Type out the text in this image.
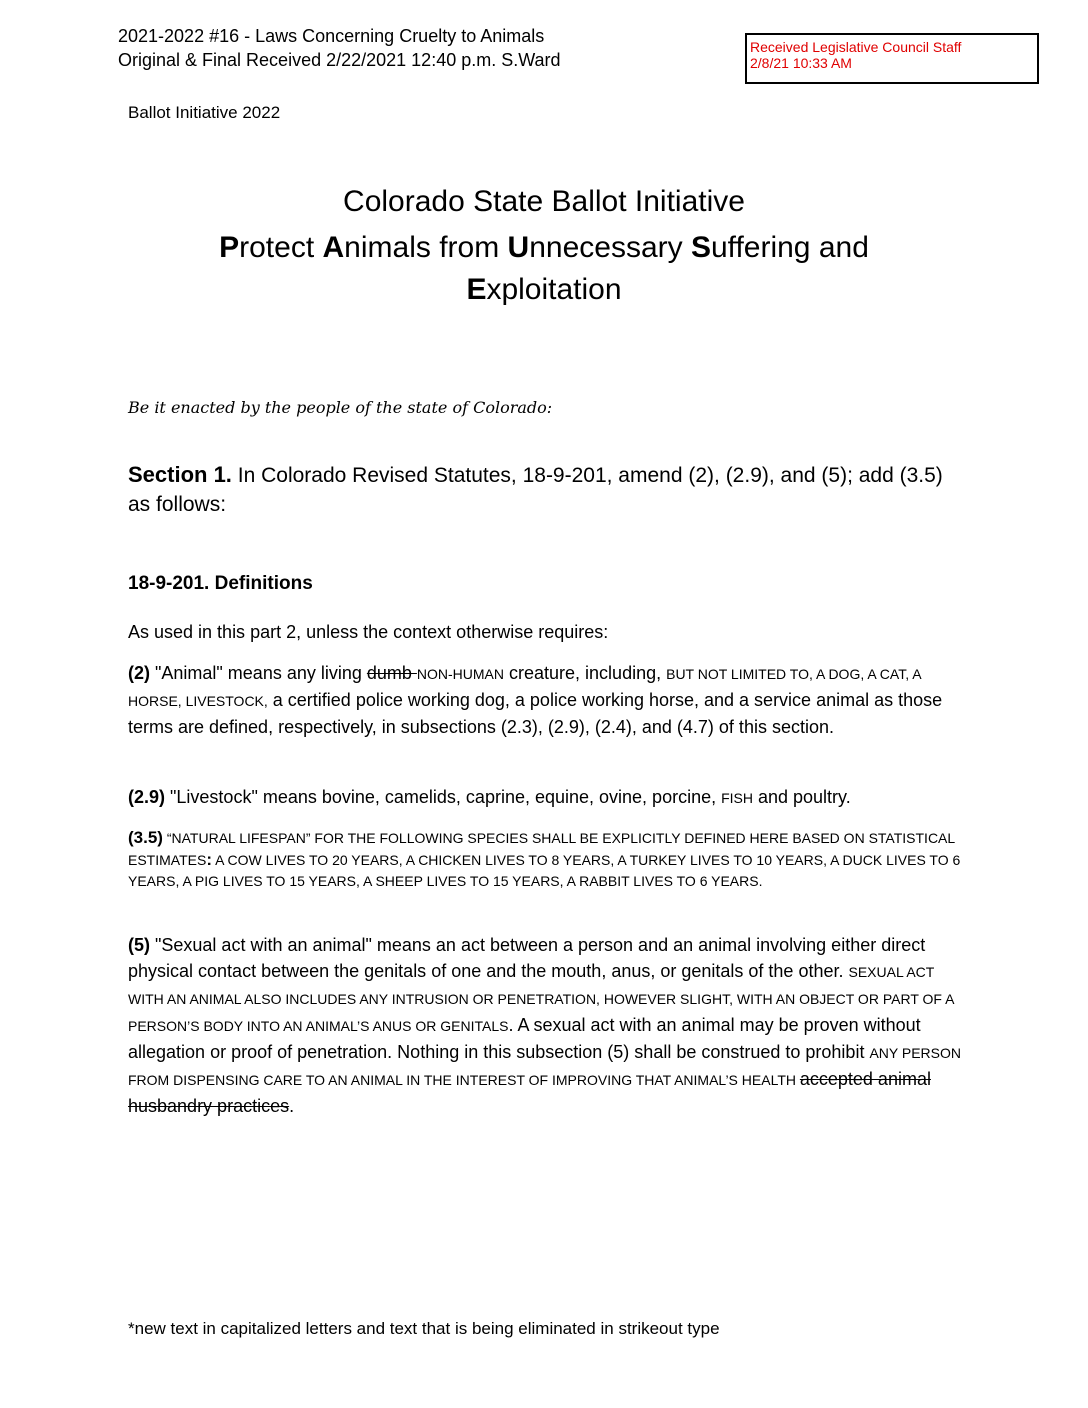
2021-2022 #16 - Laws Concerning Cruelty to Animals
Original & Final Received 2/22/2021 12:40 p.m. S.Ward
Received Legislative Council Staff
2/8/21 10:33 AM
Ballot Initiative 2022
Colorado State Ballot Initiative
Protect Animals from Unnecessary Suffering and
Exploitation
Be it enacted by the people of the state of Colorado:
Section 1. In Colorado Revised Statutes, 18-9-201, amend (2), (2.9), and (5); add (3.5) as follows:
18-9-201. Definitions
As used in this part 2, unless the context otherwise requires:
(2) "Animal" means any living dumb NON-HUMAN creature, including, BUT NOT LIMITED TO, A DOG, A CAT, A HORSE, LIVESTOCK, a certified police working dog, a police working horse, and a service animal as those terms are defined, respectively, in subsections (2.3), (2.9), (2.4), and (4.7) of this section.
(2.9) "Livestock" means bovine, camelids, caprine, equine, ovine, porcine, FISH and poultry.
(3.5) “NATURAL LIFESPAN” FOR THE FOLLOWING SPECIES SHALL BE EXPLICITLY DEFINED HERE BASED ON STATISTICAL ESTIMATES: A COW LIVES TO 20 YEARS, A CHICKEN LIVES TO 8 YEARS, A TURKEY LIVES TO 10 YEARS, A DUCK LIVES TO 6 YEARS, A PIG LIVES TO 15 YEARS, A SHEEP LIVES TO 15 YEARS, A RABBIT LIVES TO 6 YEARS.
(5) "Sexual act with an animal" means an act between a person and an animal involving either direct physical contact between the genitals of one and the mouth, anus, or genitals of the other. SEXUAL ACT WITH AN ANIMAL ALSO INCLUDES ANY INTRUSION OR PENETRATION, HOWEVER SLIGHT, WITH AN OBJECT OR PART OF A PERSON’S BODY INTO AN ANIMAL’S ANUS OR GENITALS. A sexual act with an animal may be proven without allegation or proof of penetration. Nothing in this subsection (5) shall be construed to prohibit ANY PERSON FROM DISPENSING CARE TO AN ANIMAL IN THE INTEREST OF IMPROVING THAT ANIMAL’S HEALTH accepted animal husbandry practices.
*new text in capitalized letters and text that is being eliminated in strikeout type
